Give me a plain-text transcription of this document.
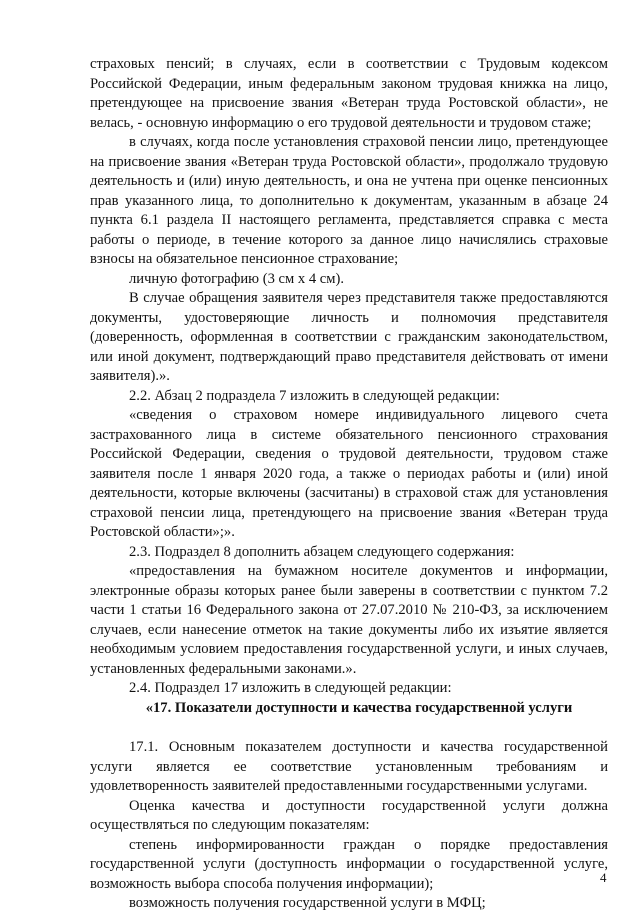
страховых пенсий; в случаях, если в соответствии с Трудовым кодексом Российской Федерации, иным федеральным законом трудовая книжка на лицо, претендующее на присвоение звания «Ветеран труда Ростовской области», не велась, - основную информацию о его трудовой деятельности и трудовом стаже;

в случаях, когда после установления страховой пенсии лицо, претендующее на присвоение звания «Ветеран труда Ростовской области», продолжало трудовую деятельность и (или) иную деятельность, и она не учтена при оценке пенсионных прав указанного лица, то дополнительно к документам, указанным в абзаце 24 пункта 6.1 раздела II настоящего регламента, представляется справка с места работы о периоде, в течение которого за данное лицо начислялись страховые взносы на обязательное пенсионное страхование;

личную фотографию (3 см х 4 см).

В случае обращения заявителя через представителя также предоставляются документы, удостоверяющие личность и полномочия представителя (доверенность, оформленная в соответствии с гражданским законодательством, или иной документ, подтверждающий право представителя действовать от имени заявителя).».

2.2. Абзац 2 подраздела 7 изложить в следующей редакции:

«сведения о страховом номере индивидуального лицевого счета застрахованного лица в системе обязательного пенсионного страхования Российской Федерации, сведения о трудовой деятельности, трудовом стаже заявителя после 1 января 2020 года, а также о периодах работы и (или) иной деятельности, которые включены (засчитаны) в страховой стаж для установления страховой пенсии лица, претендующего на присвоение звания «Ветеран труда Ростовской области»;».

2.3. Подраздел 8 дополнить абзацем следующего содержания:

«предоставления на бумажном носителе документов и информации, электронные образы которых ранее были заверены в соответствии с пунктом 7.2 части 1 статьи 16 Федерального закона от 27.07.2010 № 210-ФЗ, за исключением случаев, если нанесение отметок на такие документы либо их изъятие является необходимым условием предоставления государственной услуги, и иных случаев, установленных федеральными законами.».

2.4. Подраздел 17 изложить в следующей редакции:

«17. Показатели доступности и качества государственной услуги

17.1. Основным показателем доступности и качества государственной услуги является ее соответствие установленным требованиям и удовлетворенность заявителей предоставленными государственными услугами.

Оценка качества и доступности государственной услуги должна осуществляться по следующим показателям:

степень информированности граждан о порядке предоставления государственной услуги (доступность информации о государственной услуге, возможность выбора способа получения информации);

возможность получения государственной услуги в МФЦ;

4
